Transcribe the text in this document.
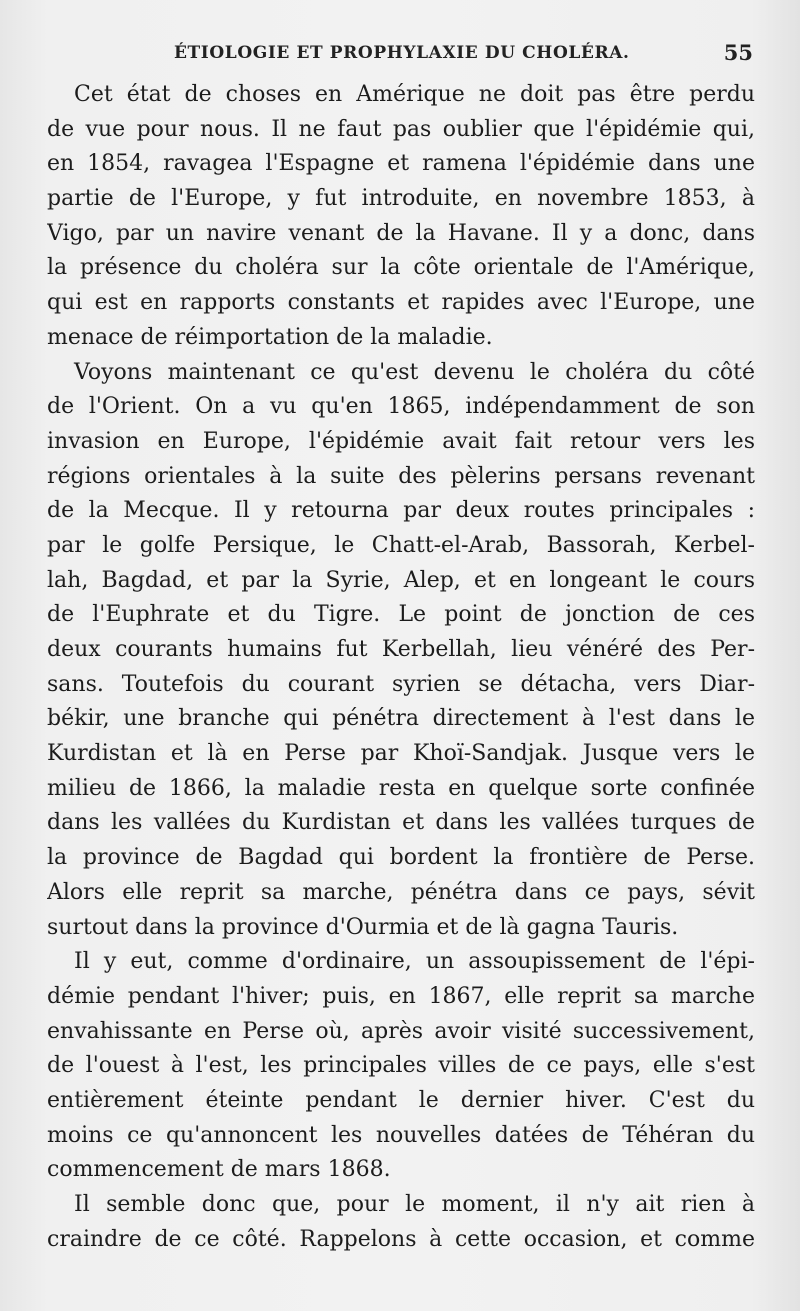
ÉTIOLOGIE ET PROPHYLAXIE DU CHOLÉRA.	55
Cet état de choses en Amérique ne doit pas être perdu
de vue pour nous. Il ne faut pas oublier que l'épidémie qui,
en 1854, ravagea l'Espagne et ramena l'épidémie dans une
partie de l'Europe, y fut introduite, en novembre 1853, à
Vigo, par un navire venant de la Havane. Il y a donc, dans
la présence du choléra sur la côte orientale de l'Amérique,
qui est en rapports constants et rapides avec l'Europe, une
menace de réimportation de la maladie.
Voyons maintenant ce qu'est devenu le choléra du côté
de l'Orient. On a vu qu'en 1865, indépendamment de son
invasion en Europe, l'épidémie avait fait retour vers les
régions orientales à la suite des pèlerins persans revenant
de la Mecque. Il y retourna par deux routes principales :
par le golfe Persique, le Chatt-el-Arab, Bassorah, Kerbel-
lah, Bagdad, et par la Syrie, Alep, et en longeant le cours
de l'Euphrate et du Tigre. Le point de jonction de ces
deux courants humains fut Kerbellah, lieu vénéré des Per-
sans. Toutefois du courant syrien se détacha, vers Diar-
békir, une branche qui pénétra directement à l'est dans le
Kurdistan et là en Perse par Khoï-Sandjak. Jusque vers le
milieu de 1866, la maladie resta en quelque sorte confinée
dans les vallées du Kurdistan et dans les vallées turques de
la province de Bagdad qui bordent la frontière de Perse.
Alors elle reprit sa marche, pénétra dans ce pays, sévit
surtout dans la province d'Ourmia et de là gagna Tauris.
Il y eut, comme d'ordinaire, un assoupissement de l'épi-
démie pendant l'hiver; puis, en 1867, elle reprit sa marche
envahissante en Perse où, après avoir visité successivement,
de l'ouest à l'est, les principales villes de ce pays, elle s'est
entièrement éteinte pendant le dernier hiver. C'est du
moins ce qu'annoncent les nouvelles datées de Téhéran du
commencement de mars 1868.
Il semble donc que, pour le moment, il n'y ait rien à
craindre de ce côté. Rappelons à cette occasion, et comme
